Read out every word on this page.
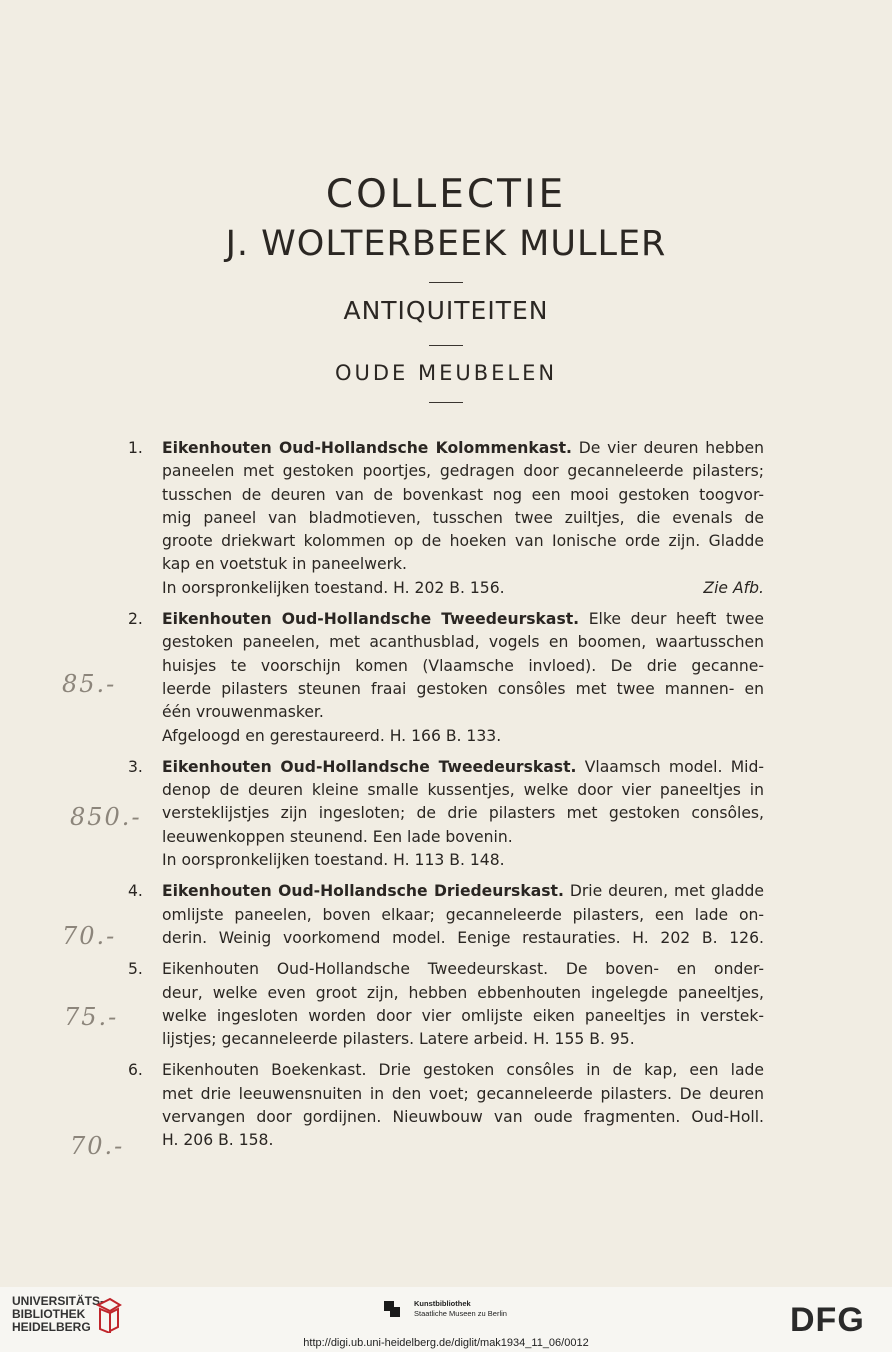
COLLECTIE
J. WOLTERBEEK MULLER
ANTIQUITEITEN
OUDE MEUBELEN
1.	Eikenhouten Oud-Hollandsche Kolommenkast. De vier deuren hebben
paneelen met gestoken poortjes, gedragen door gecanneleerde pilasters;
tusschen de deuren van de bovenkast nog een mooi gestoken toogvor-
mig paneel van bladmotieven, tusschen twee zuiltjes, die evenals de
groote driekwart kolommen op de hoeken van Ionische orde zijn. Gladde
kap en voetstuk in paneelwerk.
In oorspronkelijken toestand. H. 202 B. 156.	Zie Afb.
2.	Eikenhouten Oud-Hollandsche Tweedeurskast. Elke deur heeft twee
gestoken paneelen, met acanthusblad, vogels en boomen, waartusschen
huisjes te voorschijn komen (Vlaamsche invloed). De drie gecanne-
leerde pilasters steunen fraai gestoken consôles met twee mannen- en
één vrouwenmasker.
Afgeloogd en gerestaureerd. H. 166 B. 133.
3.	Eikenhouten Oud-Hollandsche Tweedeurskast. Vlaamsch model. Mid-
denop de deuren kleine smalle kussentjes, welke door vier paneeltjes in
versteklijstjes zijn ingesloten; de drie pilasters met gestoken consôles,
leeuwenkoppen steunend. Een lade bovenin.
In oorspronkelijken toestand. H. 113 B. 148.
4.	Eikenhouten Oud-Hollandsche Driedeurskast. Drie deuren, met gladde
omlijste paneelen, boven elkaar; gecanneleerde pilasters, een lade on-
derin. Weinig voorkomend model. Eenige restauraties. H. 202 B. 126.
5.	Eikenhouten Oud-Hollandsche Tweedeurskast. De boven- en onder-
deur, welke even groot zijn, hebben ebbenhouten ingelegde paneeltjes,
welke ingesloten worden door vier omlijste eiken paneeltjes in verstek-
lijstjes; gecanneleerde pilasters. Latere arbeid. H. 155 B. 95.
6.	Eikenhouten Boekenkast. Drie gestoken consôles in de kap, een lade
met drie leeuwensnuiten in den voet; gecanneleerde pilasters. De deuren
vervangen door gordijnen. Nieuwbouw van oude fragmenten. Oud-Holl.
H. 206 B. 158.
85.-
850.-
70.-
75.-
70.-
UNIVERSITÄTS-
BIBLIOTHEK
HEIDELBERG
Kunstbibliothek
Staatliche Museen zu Berlin	DFG
http://digi.ub.uni-heidelberg.de/diglit/mak1934_11_06/0012
